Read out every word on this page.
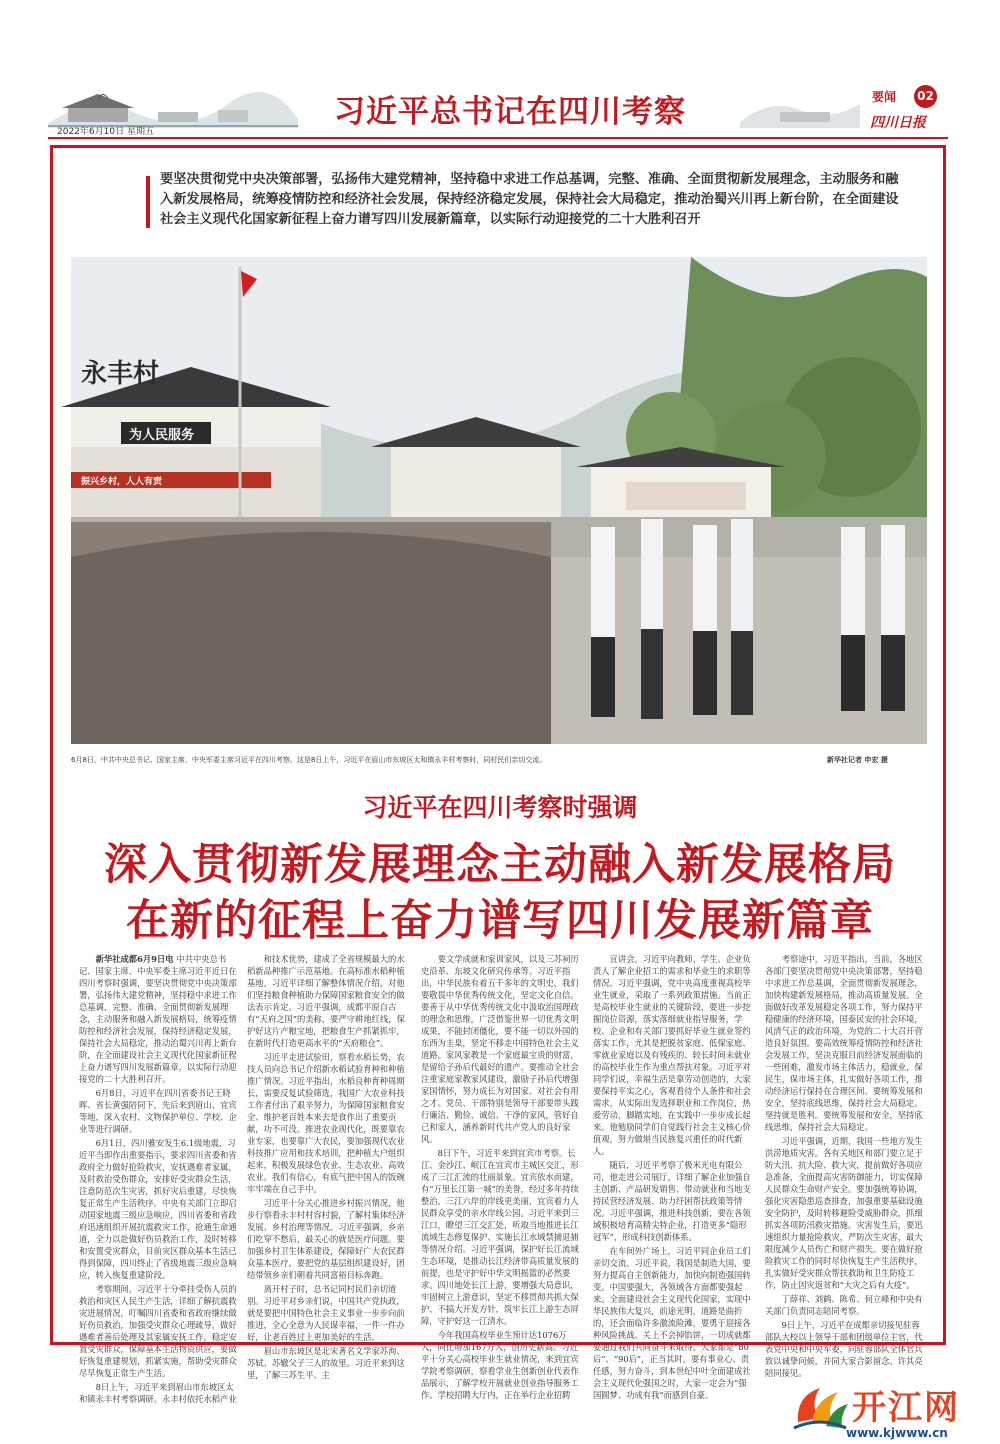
习近平总书记在四川考察
2022年6月10日 星期五
要闻 02
四川日报

要坚决贯彻党中央决策部署，弘扬伟大建党精神，坚持稳中求进工作总基调，完整、准确、全面贯彻新发展理念，主动服务和融入新发展格局，统筹疫情防控和经济社会发展，保持经济稳定发展，保持社会大局稳定，推动治蜀兴川再上新台阶，在全面建设社会主义现代化国家新征程上奋力谱写四川发展新篇章，以实际行动迎接党的二十大胜利召开

永丰村
为人民服务
振兴乡村，人人有责
6月8日，中共中央总书记、国家主席、中央军委主席习近平在四川考察。这是8日上午，习近平在眉山市东坡区太和镇永丰村考察时，同村民们亲切交流。	新华社记者 申宏 摄
习近平在四川考察时强调
深入贯彻新发展理念主动融入新发展格局
在新的征程上奋力谱写四川发展新篇章

新华社成都6月9日电 中共中央总书记、国家主席、中央军委主席习近平近日在四川考察时强调，要坚决贯彻党中央决策部署，弘扬伟大建党精神，坚持稳中求进工作总基调，完整、准确、全面贯彻新发展理念，主动服务和融入新发展格局，统筹疫情防控和经济社会发展，保持经济稳定发展，保持社会大局稳定，推动治蜀兴川再上新台阶，在全面建设社会主义现代化国家新征程上奋力谱写四川发展新篇章，以实际行动迎接党的二十大胜利召开。

6月8日，习近平在四川省委书记王晓晖、省长黄强陪同下，先后来到眉山、宜宾等地，深入农村、文物保护单位、学校、企业等进行调研。

6月1日，四川雅安发生6.1级地震，习近平当即作出重要指示，要求四川省委和省政府全力做好抢险救灾，安抚遇难者家属，及时救治受伤群众，安排好受灾群众生活，注意防范次生灾害，抓好灾后重建，尽快恢复正常生产生活秩序。中央有关部门立即启动国家地震三级应急响应，四川省委和省政府迅速组织开展抗震救灾工作，抢通生命通道，全力以赴做好伤员救治工作，及时转移和安置受灾群众，目前灾区群众基本生活已得到保障，四川终止了省级地震三级应急响应，转入恢复重建阶段。

考察期间，习近平十分牵挂受伤人员的救治和灾区人民生产生活，详细了解抗震救灾进展情况，叮嘱四川省委和省政府继续做好伤员救治，加强受灾群众心理疏导，做好遇难者善后处理及其家属安抚工作，稳定安置受灾群众，保障基本生活物资供应，要做好恢复重建规划，抓紧实施，帮助受灾群众尽早恢复正常生产生活。

8日上午，习近平来到眉山市东坡区太和镇永丰村考察调研。永丰村依托水稻产业

和技术优势，建成了全省规模最大的水稻新品种推广示范基地。在高标准水稻种植基地，习近平详细了解整体情况介绍，对他们坚持粮食种植助力保障国家粮食安全的做法表示肯定。习近平强调，成都平原自古有“天府之国”的美称，要严守耕地红线，保护好这片产粮宝地，把粮食生产抓紧抓牢，在新时代打造更高水平的“天府粮仓”。

习近平走进试验田，察看水稻长势，农技人员向总书记介绍新水稻试验育种和种植推广情况。习近平指出，水稻良种育种周期长，需要反复试验筛选，我国广大农业科技工作者付出了艰辛努力，为保障国家粮食安全、维护老百姓本来去是食作出了重要贡献，功不可没。推进农业现代化，既要靠农业专家，也要靠广大农民，要加强现代农业科技推广应用和技术培训，把种植大户组织起来，积极发展绿色农业、生态农业、高效农业。我们有信心，有底气把中国人的饭碗牢牢端在自己手中。

习近平十分关心推进乡村振兴情况，他步行察看永丰村村容村貌，了解村集体经济发展、乡村治理等情况。习近平强调，乡亲们吃穿不愁后，最关心的就是医疗问题。要加强乡村卫生体系建设，保障好广大农民群众基本医疗。要把党的基层组织建设好，团结带领乡亲们朝着共同富裕目标奔跑。

离开村子时，总书记同村民们亲切道别。习近平对乡亲们说，中国共产党执政，就是要把中国特色社会主义事业一步步向前推进，全心全意为人民谋幸福，一件一件办好，让老百姓过上更加美好的生活。

眉山市东坡区是北宋著名文学家苏洵、苏轼、苏辙父子三人的故里。习近平来到这里，了解三苏生平、主

要文学成就和家训家风，以及三苏祠历史沿革、东坡文化研究传承等。习近平指出，中华民族有着五千多年的文明史，我们要敬畏中华优秀传统文化，坚定文化自信。要善于从中华优秀传统文化中汲取治国理政的理念和思维，广泛借鉴世界一切优秀文明成果，不能封闭僵化，要不能一切以外国的东西为圭臬，坚定不移走中国特色社会主义道路。家风家教是一个家庭最宝贵的财富，是留给子孙后代最好的遗产。要推动全社会注重家庭家教家风建设，激励子孙后代增强家国情怀，努力成长为对国家、对社会有用之才。党员、干部特别是领导干部要带头践行廉洁、勤俭、诚信、干净的家风，管好自己和家人，涵养新时代共产党人的良好家风。

8日下午，习近平来到宜宾市考察。长江、金沙江、岷江在宜宾市主城区交汇，形成了三江汇流的壮丽景象。宜宾依水而建，有“万里长江第一城”的美誉，经过多年持续整治，三江六岸的岸线更美丽，宜宾着力人民群众享受的亲水岸线公园。习近平来到三江口，瞭望三江交汇处，听取当地推进长江流域生态修复保护、实施长江水域禁捕退捕等情况介绍。习近平强调，保护好长江流域生态环境，是推动长江经济带高质量发展的前提，也是守护好中华文明摇篮的必然要求。四川地处长江上游，要增强大局意识，牢固树立上游意识，坚定不移贯彻共抓大保护、不搞大开发方针，筑牢长江上游生态屏障，守护好这一江清水。

今年我国高校毕业生预计达1076万人，同比增加167万人，创历史新高。习近平十分关心高校毕业生就业情况，来到宜宾学院考察调研，察看学业生创新创业代表作品展示，了解学校开展就业创业指导服务工作。学校招聘大厅内，正在举行企业招聘

宣讲会。习近平向教师、学生、企业负责人了解企业招工的需求和毕业生的求职等情况。习近平强调，党中央高度重视高校毕业生就业，采取了一系列政策措施。当前正是高校毕业生就业的关键阶段，要进一步挖掘岗位资源，落实落细就业指导服务，学校、企业和有关部门要抓好毕业生就业签约落实工作，尤其是把脱贫家庭、低保家庭、零就业家庭以及有残疾的、较长时间未就业的高校毕业生作为重点帮扶对象。习近平对同学们说，幸福生活是靠劳动创造的，大家要保持平实之心，客观看待个人条件和社会需求，从实际出发选择职业和工作岗位，热爱劳动，脚踏实地，在实践中一步步成长起来。他勉励同学们自觉践行社会主义核心价值观，努力做堪当民族复兴重任的时代新人。

随后，习近平考察了极米光电有限公司，他走进公司展厅，详细了解企业加强自主创新、产品研发销售、带动就业和当地支持民营经济发展、助力纾困帮扶政策等情况。习近平强调，推进科技创新，要在各领域积极培育高精尖特企业，打造更多“隐形冠军”，形成科技创新体系。

在车间外广场上，习近平同企业员工们亲切交流。习近平说，我国是制造大国，要努力提高自主创新能力，加快向制造强国转变。中国要强大，各领域各方面都要强起来。全面建设社会主义现代化国家，实现中华民族伟大复兴，前途光明，道路是曲折的，还会面临许多激流险滩，要勇于迎接各种风险挑战。关上不会掉馅饼，一切成就都要通过我们共同奋斗来取得。大家都是“80后”、“90后”，正当其时，要有事业心、责任感，努力奋斗，到本世纪中叶全面建成社会主义现代化强国之时，大家一定会为“强国圆梦、功成有我”而感到自豪。

考察途中，习近平指出，当前，各地区各部门要坚决贯彻党中央决策部署，坚持稳中求进工作总基调，全面贯彻新发展理念，加快构建新发展格局，推动高质量发展。全面做好改革发展稳定各项工作，努力保持平稳健康的经济环境，国泰民安的社会环境，风清气正的政治环境，为党的二十大召开营造良好氛围。要高效统筹疫情防控和经济社会发展工作，坚决克服目前经济发展面临的一些困难，激发市场主体活力，稳就业，保民生，保市场主体，扎实做好各项工作，推动经济运行保持在合理区间。要统筹发展和安全，坚持底线思维，保持社会大局稳定。坚持就是胜利。要统筹发展和安全，坚持底线思维，保持社会大局稳定。

习近平强调，近期，我国一些地方发生洪涝地质灾害。各有关地区和部门要立足于防大汛、抗大险、救大灾，提前做好各项应急准备，全面提高灾害防御能力，切实保障人民群众生命财产安全。要加强统筹协调，强化灾害隐患巡查排查，加强重要基础设施安全防护，及时转移避险受威胁群众，抓细抓实各项防汛救灾措施。灾害发生后，要迅速组织力量抢险救灾，严防次生灾害，最大限度减少人员伤亡和财产损失。要在做好抢险救灾工作的同时尽快恢复生产生活秩序，扎实做好受灾群众帮扶救助和卫生防疫工作，防止因灾返贫和“大灾之后有大疫”。

丁薛祥、刘鹤、陈希、何立峰和中央有关部门负责同志陪同考察。

9日上午，习近平在成都亲切接见驻蓉部队大校以上领导干部和团级单位主官，代表党中央和中央军委，向驻蓉部队全体官兵致以诚挚问候，并同大家合影留念。许其亮陪同接见。

开江网
www.kjwww.cn
